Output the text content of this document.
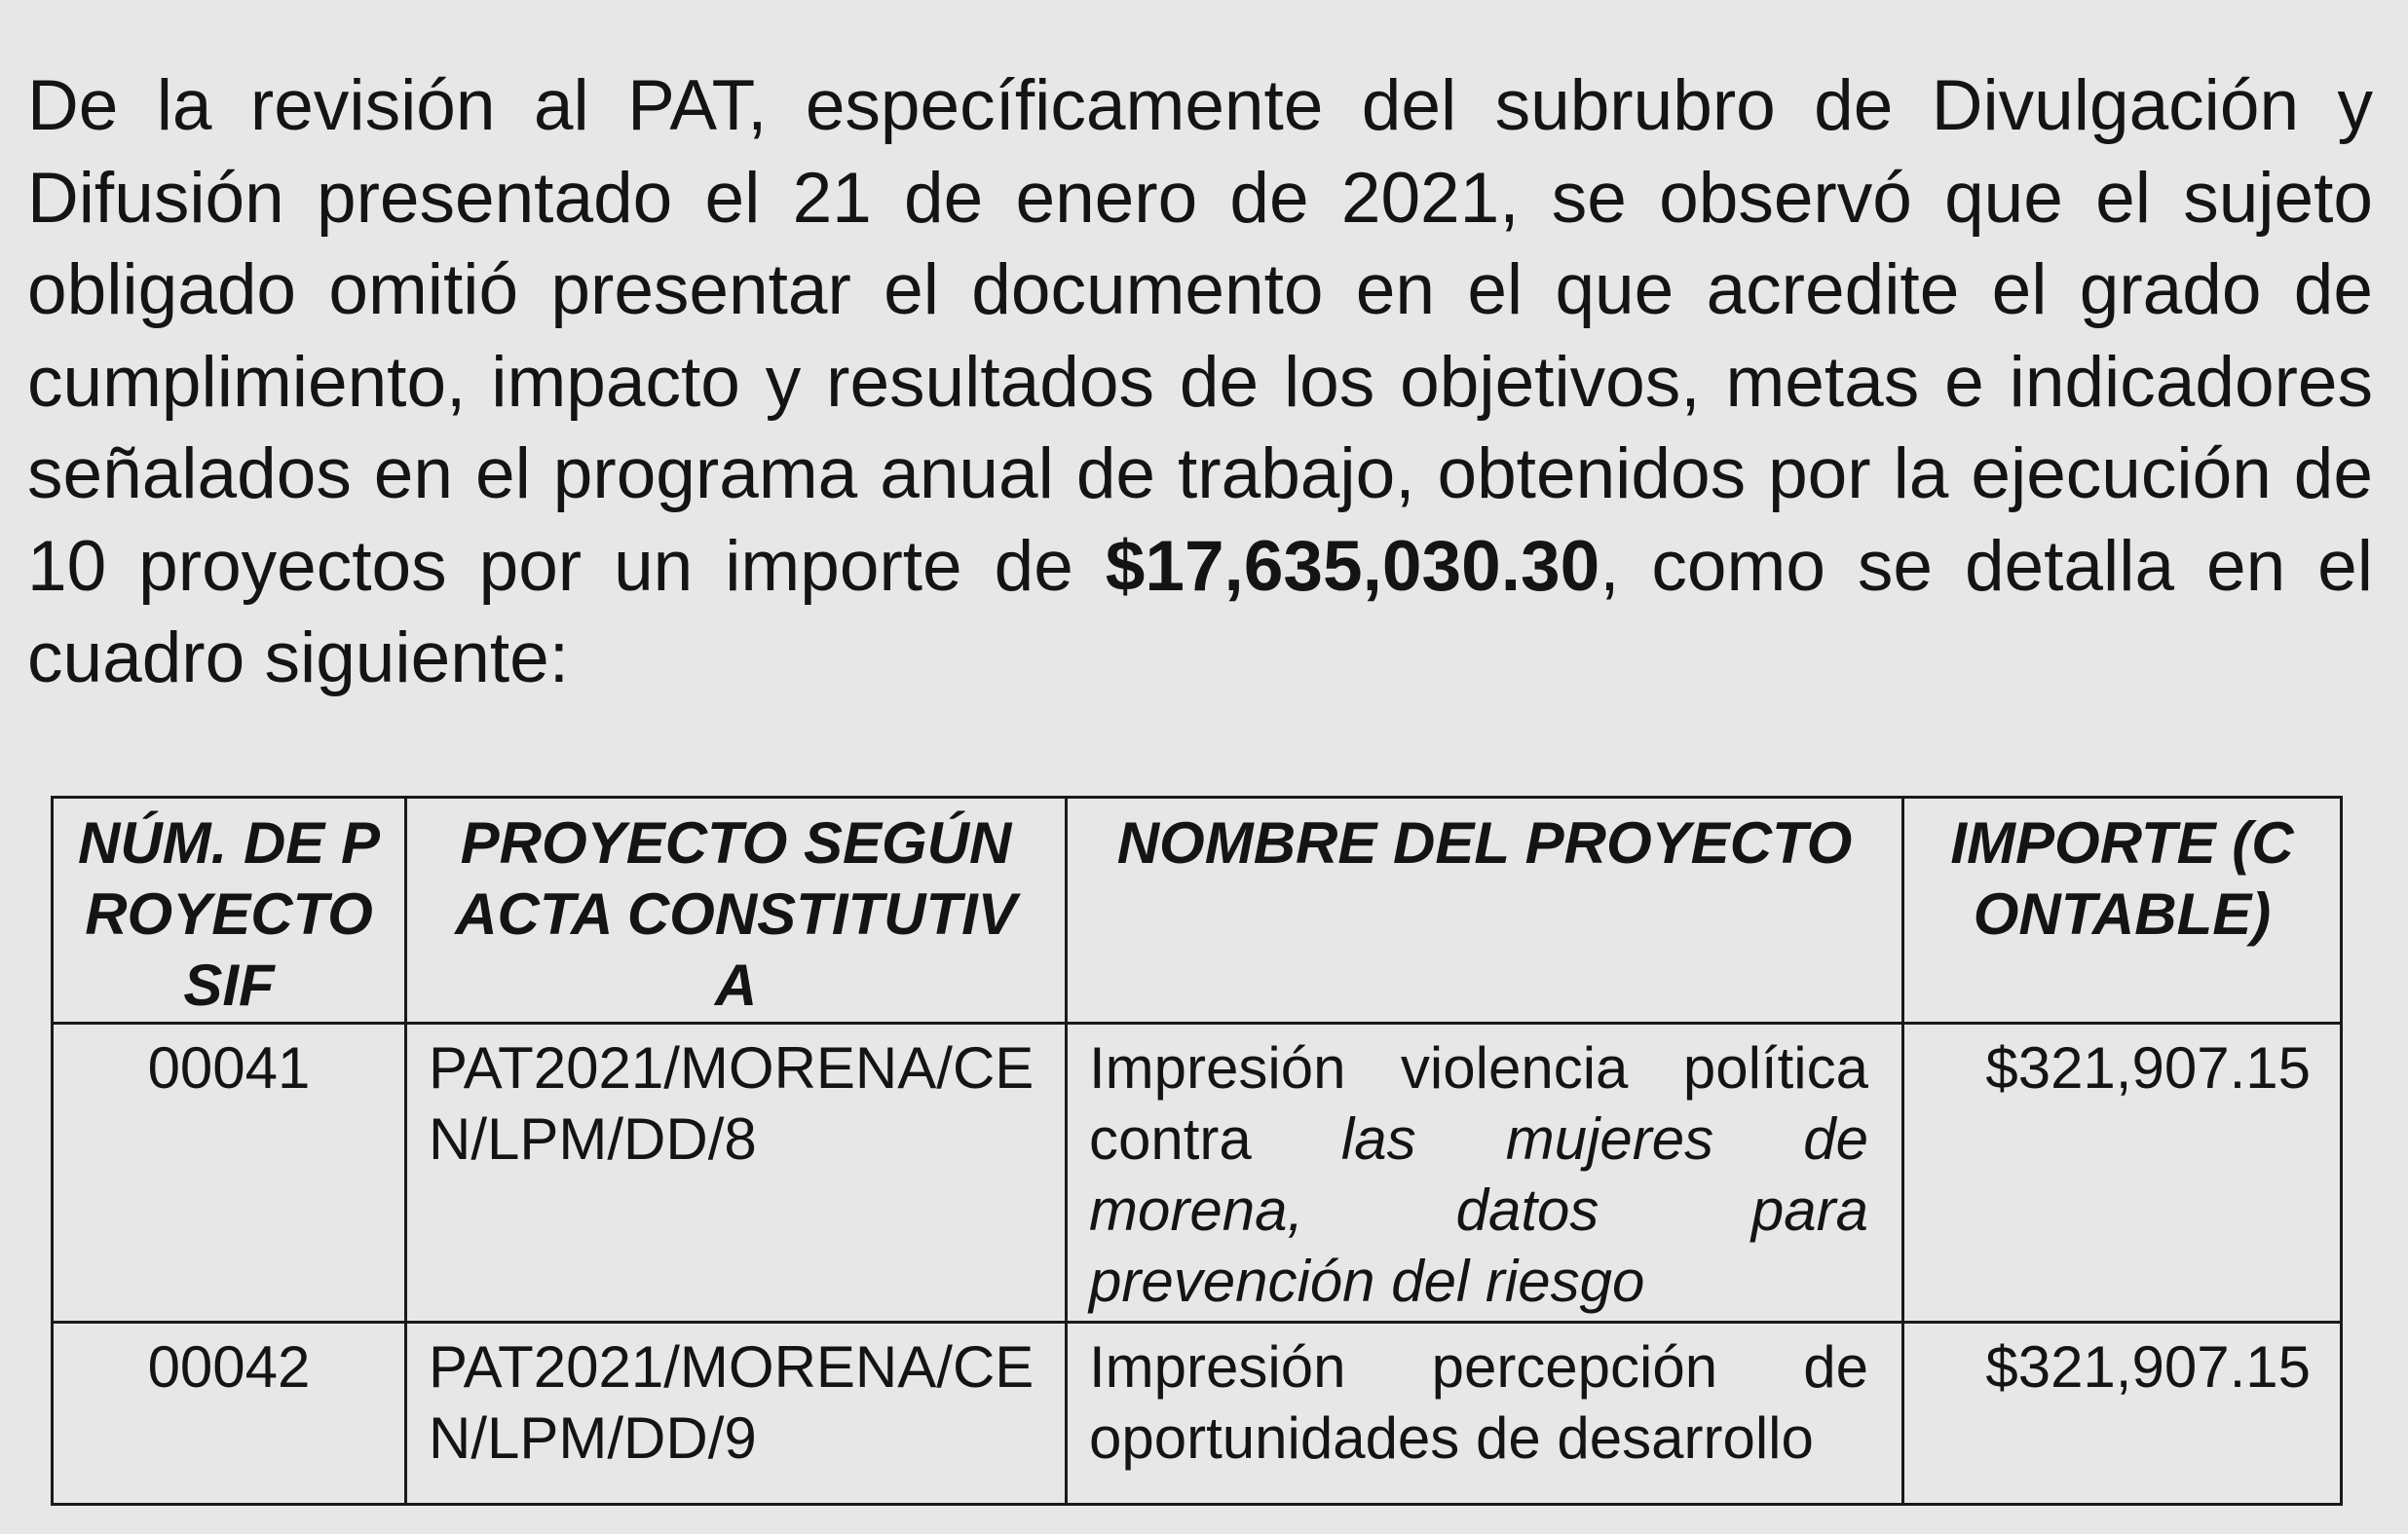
De la revisión al PAT, específicamente del subrubro de Divulgación y Difusión presentado el 21 de enero de 2021, se observó que el sujeto obligado omitió presentar el documento en el que acredite el grado de cumplimiento, impacto y resultados de los objetivos, metas e indicadores señalados en el programa anual de trabajo, obtenidos por la ejecución de 10 proyectos por un importe de $17,635,030.30, como se detalla en el cuadro siguiente:

NÚM. DE PROYECTO SIF	PROYECTO SEGÚN ACTA CONSTITUTIVA	NOMBRE DEL PROYECTO	IMPORTE (CONTABLE)
00041	PAT2021/MORENA/CEN/LPM/DD/8	Impresión violencia política contra las mujeres de morena, datos para prevención del riesgo	$321,907.15
00042	PAT2021/MORENA/CEN/LPM/DD/9	Impresión percepción de oportunidades de desarrollo	$321,907.15
